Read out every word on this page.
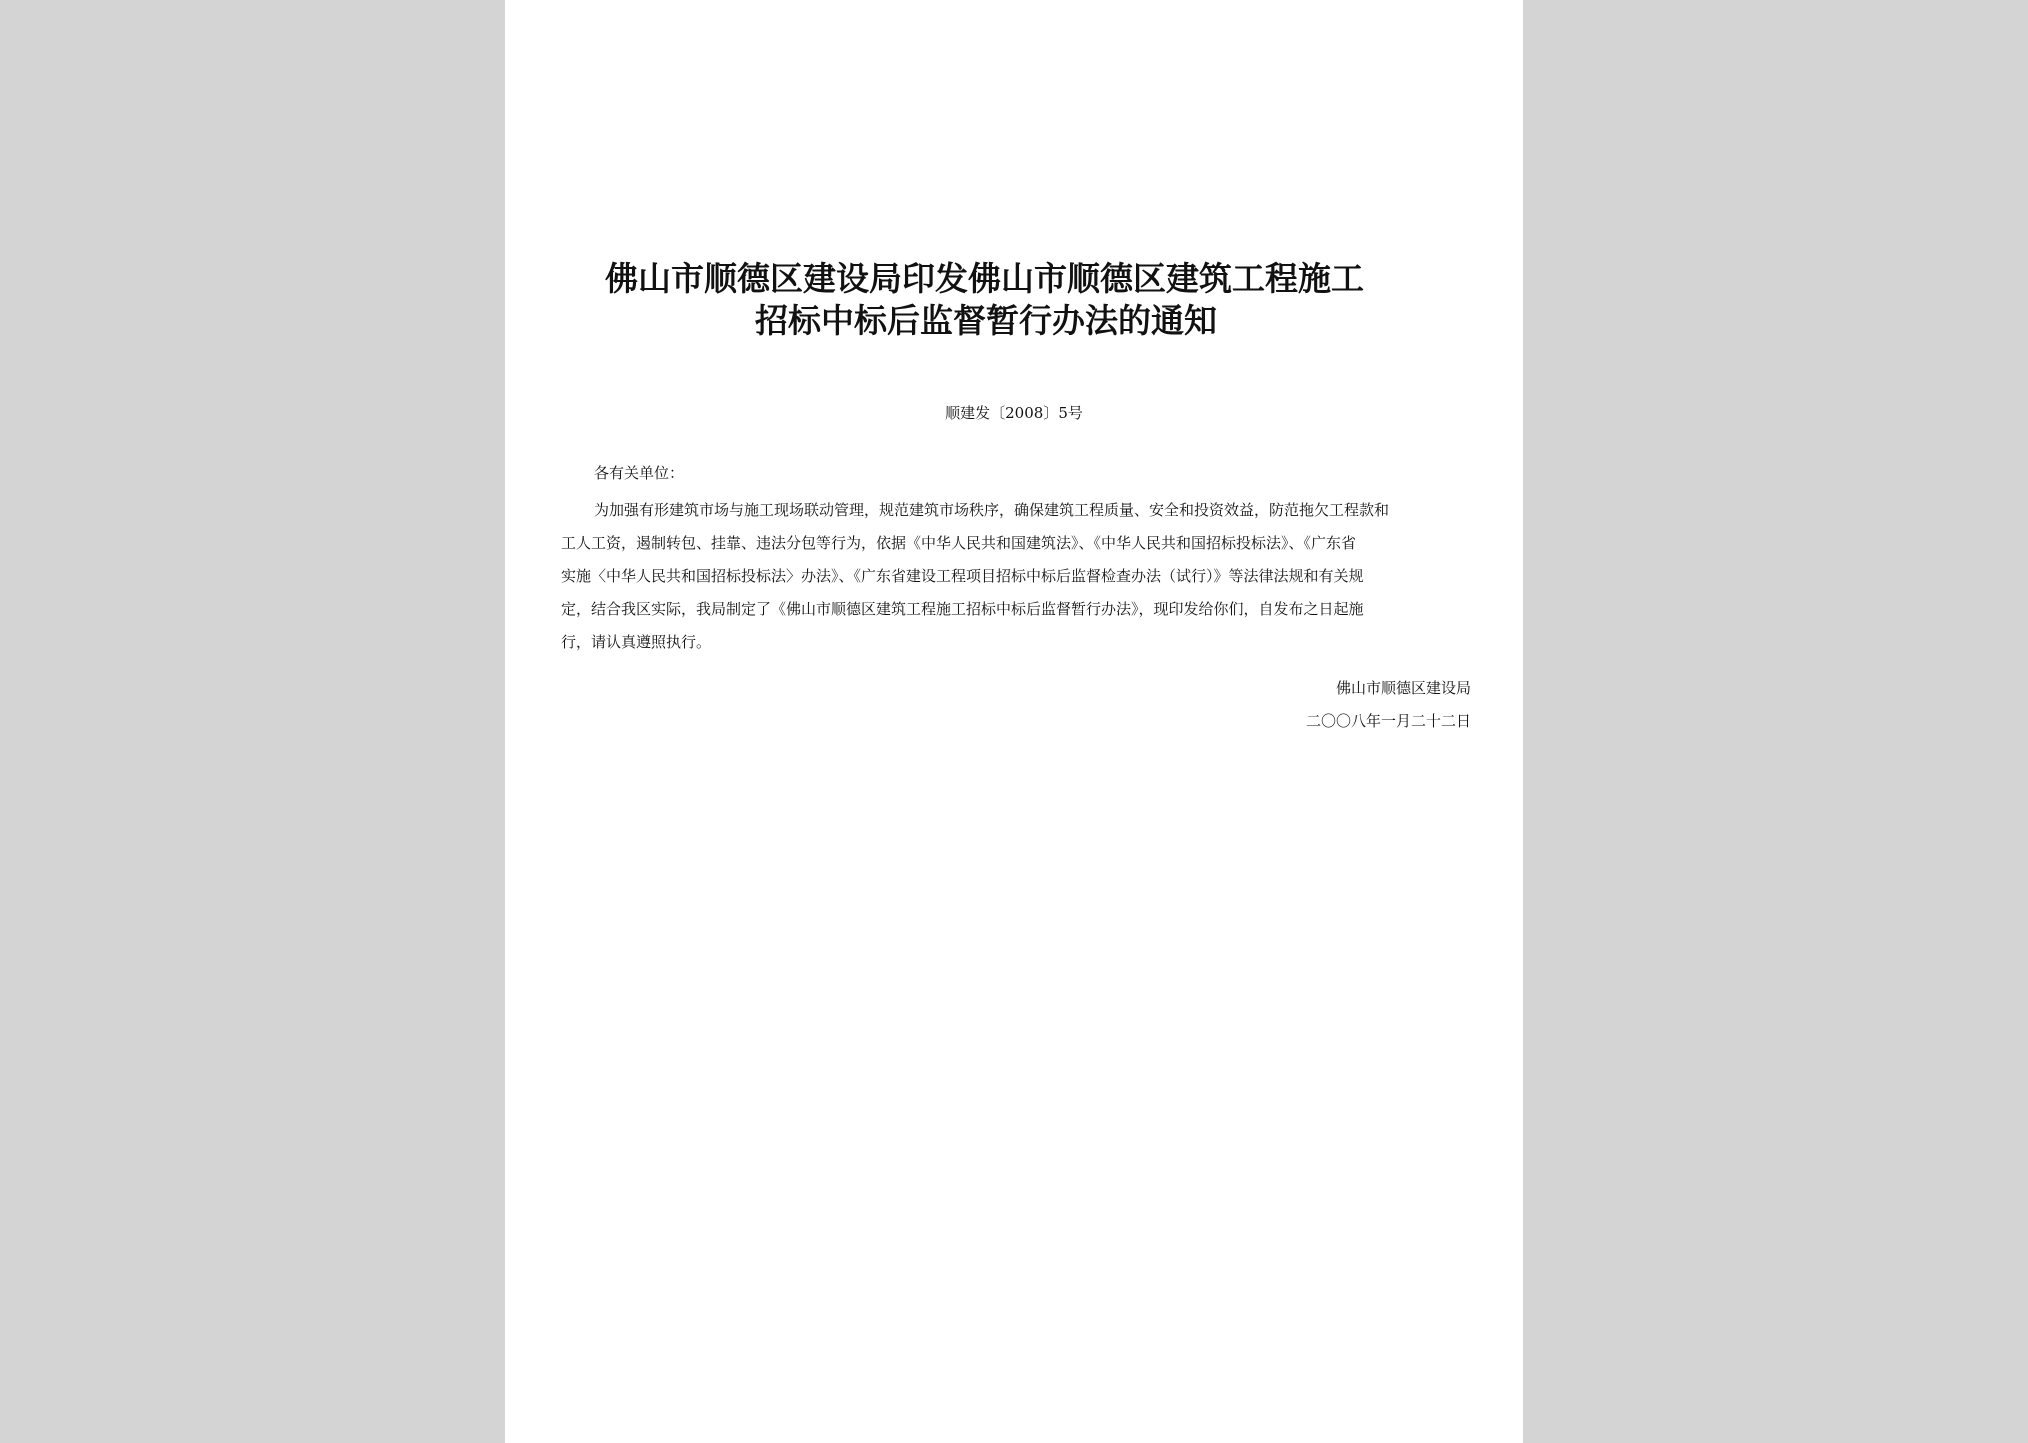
佛山市顺德区建设局印发佛山市顺德区建筑工程施工
招标中标后监督暂行办法的通知
顺建发〔2008〕5号
各有关单位：
为加强有形建筑市场与施工现场联动管理，规范建筑市场秩序，确保建筑工程质量、安全和投资效益，防范拖欠工程款和
工人工资，遏制转包、挂靠、违法分包等行为，依据《中华人民共和国建筑法》、《中华人民共和国招标投标法》、《广东省
实施〈中华人民共和国招标投标法〉办法》、《广东省建设工程项目招标中标后监督检查办法（试行）》等法律法规和有关规
定，结合我区实际，我局制定了《佛山市顺德区建筑工程施工招标中标后监督暂行办法》，现印发给你们，自发布之日起施
行，请认真遵照执行。
佛山市顺德区建设局
二〇〇八年一月二十二日
